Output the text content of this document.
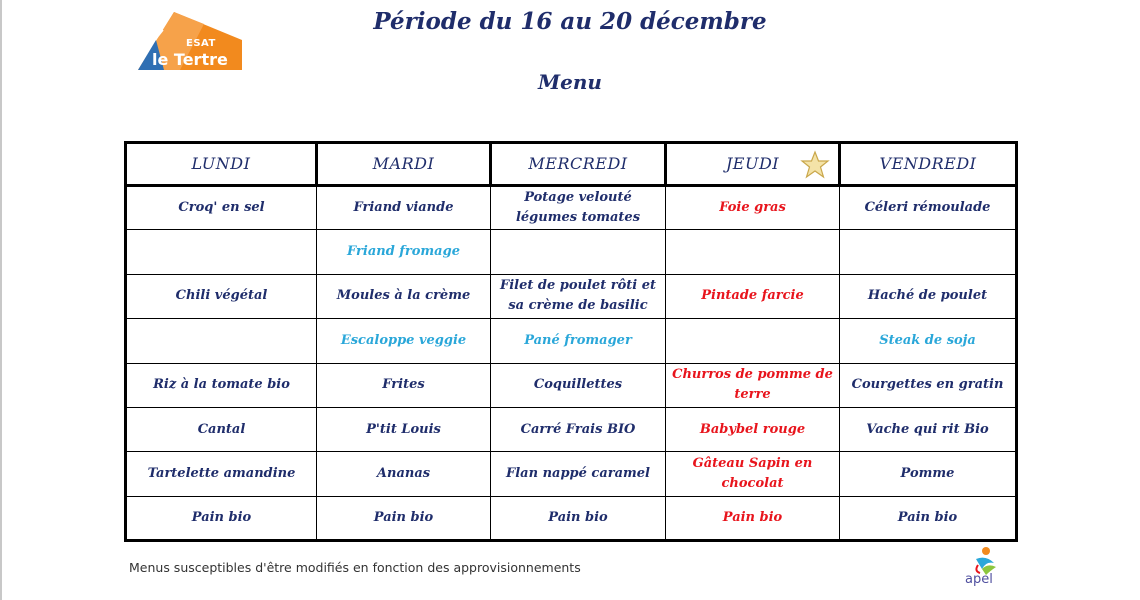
ESAT
le Tertre
Période du 16 au 20 décembre
Menu
LUNDI	MARDI	MERCREDI	JEUDI	VENDREDI
Croq' en sel	Friand viande	Potage velouté légumes tomates	Foie gras	Céleri rémoulade
	Friand fromage			
Chili végétal	Moules à la crème	Filet de poulet rôti et sa crème de basilic	Pintade farcie	Haché de poulet
	Escaloppe veggie	Pané fromager		Steak de soja
Riz à la tomate bio	Frites	Coquillettes	Churros de pomme de terre	Courgettes en gratin
Cantal	P'tit Louis	Carré Frais BIO	Babybel rouge	Vache qui rit Bio
Tartelette amandine	Ananas	Flan nappé caramel	Gâteau Sapin en chocolat	Pomme
Pain bio	Pain bio	Pain bio	Pain bio	Pain bio
Menus susceptibles d'être modifiés en fonction des approvisionnements
apel
